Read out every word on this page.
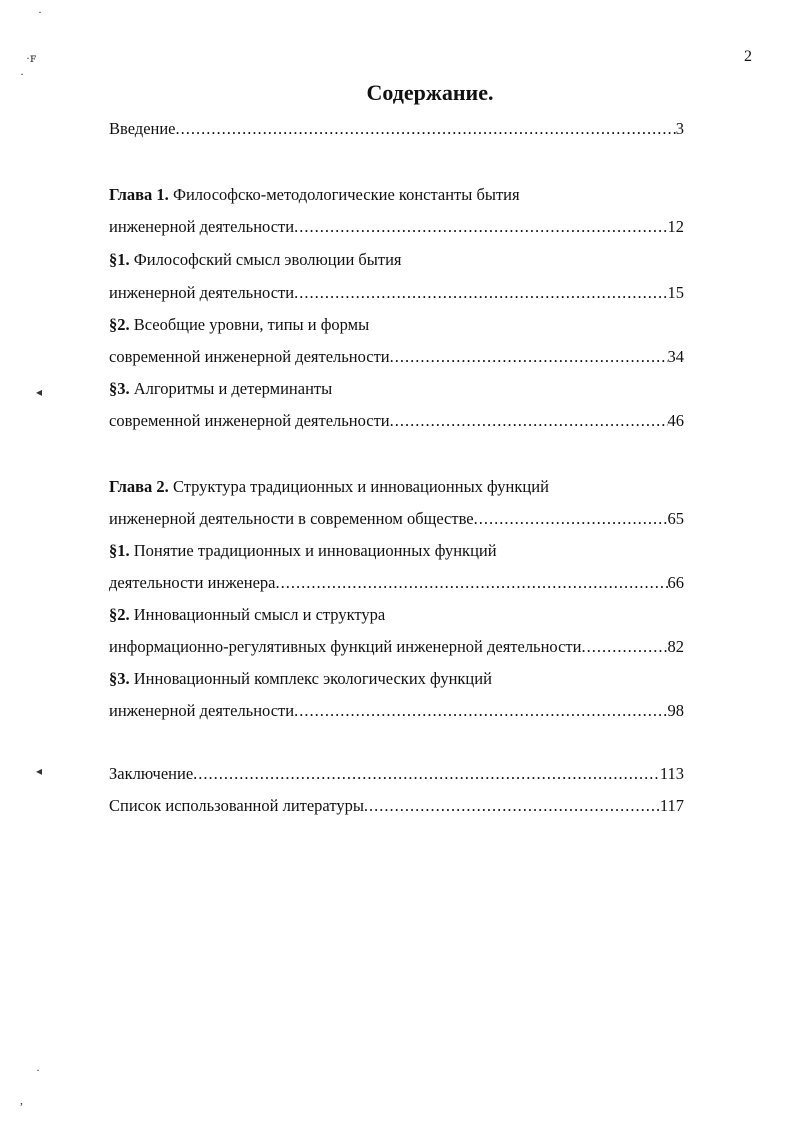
·
·ꜰ
·
◂
◂
·
,
2
Содержание.
Введение .....	3
Глава 1. Философско-методологические константы бытия
инженерной деятельности .....	12
§1. Философский смысл эволюции бытия
инженерной деятельности .....	15
§2. Всеобщие уровни, типы и формы
современной инженерной деятельности .....	34
§3. Алгоритмы и детерминанты
современной инженерной деятельности .....	46
Глава 2. Структура традиционных и инновационных функций
инженерной деятельности в современном обществе .....	65
§1. Понятие традиционных и инновационных функций
деятельности инженера .....	66
§2. Инновационный смысл и структура
информационно-регулятивных функций инженерной деятельности .....	82
§3. Инновационный комплекс экологических функций
инженерной деятельности .....	98
Заключение .....	113
Список использованной литературы .....	117
